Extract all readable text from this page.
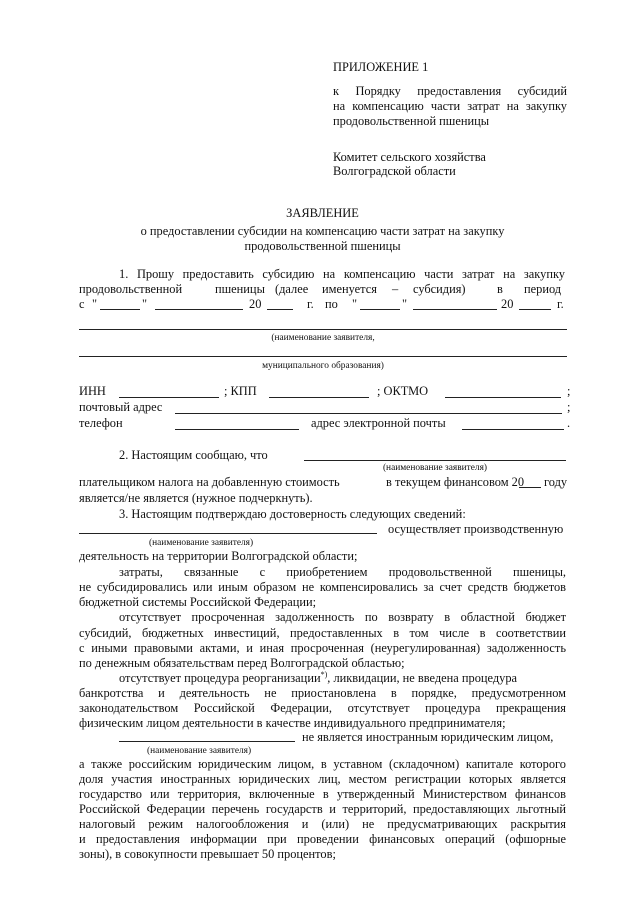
ПРИЛОЖЕНИЕ 1
к Порядку предоставления субсидий
на компенсацию части затрат на закупку
продовольственной пшеницы
Комитет сельского хозяйства
Волгоградской области
ЗАЯВЛЕНИЕ
о предоставлении субсидии на компенсацию части затрат на закупку
продовольственной пшеницы
1. Прошу предоставить субсидию на компенсацию части затрат на закупку
продовольственной	пшеницы (далее именуется – субсидия)	в период
с "	"	20	г. по "	"	20	г.
(наименование заявителя,
муниципального образования)
ИНН	; КПП	; ОКТМО	;
почтовый адрес	;
телефон	адрес электронной почты	.
2. Настоящим сообщаю, что
(наименование заявителя)
плательщиком налога на добавленную стоимость	в текущем финансовом 20 году
является/не является (нужное подчеркнуть).
3. Настоящим подтверждаю достоверность следующих сведений:
осуществляет производственную
(наименование заявителя)
деятельность на территории Волгоградской области;
затраты, связанные с приобретением продовольственной пшеницы,
не субсидировались или иным образом не компенсировались за счет средств бюджетов
бюджетной системы Российской Федерации;
отсутствует просроченная задолженность по возврату в областной бюджет
субсидий, бюджетных инвестиций, предоставленных в том числе в соответствии
с иными правовыми актами, и иная просроченная (неурегулированная) задолженность
по денежным обязательствам перед Волгоградской областью;
отсутствует процедура реорганизации*), ликвидации, не введена процедура
банкротства и деятельность не приостановлена в порядке, предусмотренном
законодательством Российской Федерации, отсутствует процедура прекращения
физическим лицом деятельности в качестве индивидуального предпринимателя;
не является иностранным юридическим лицом,
(наименование заявителя)
а также российским юридическим лицом, в уставном (складочном) капитале которого
доля участия иностранных юридических лиц, местом регистрации которых является
государство или территория, включенные в утвержденный Министерством финансов
Российской Федерации перечень государств и территорий, предоставляющих льготный
налоговый режим налогообложения и (или) не предусматривающих раскрытия
и предоставления информации при проведении финансовых операций (офшорные
зоны), в совокупности превышает 50 процентов;
